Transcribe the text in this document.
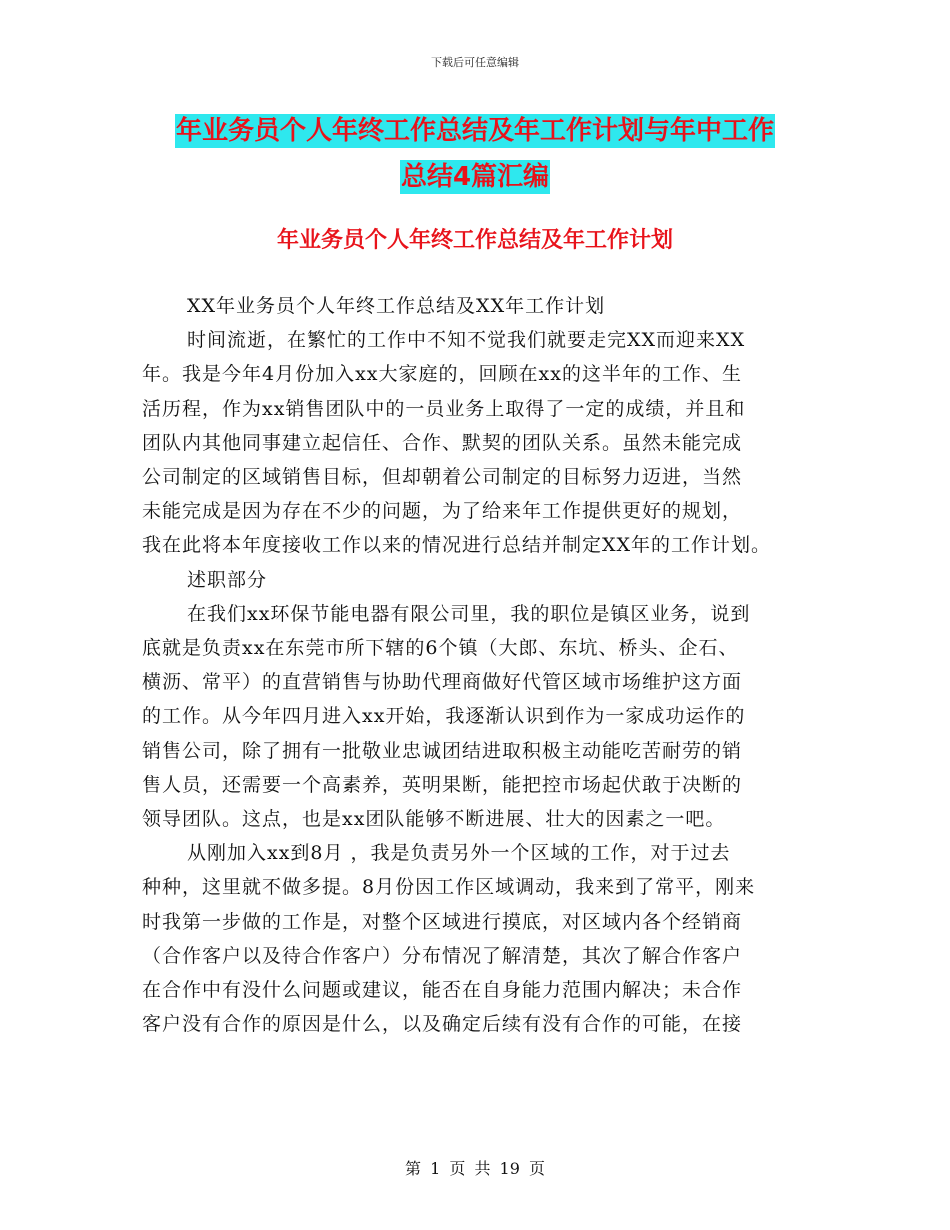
下载后可任意编辑
年业务员个人年终工作总结及年工作计划与年中工作
总结4篇汇编
年业务员个人年终工作总结及年工作计划

XX年业务员个人年终工作总结及XX年工作计划

时间流逝，在繁忙的工作中不知不觉我们就要走完XX而迎来XX

年。我是今年4月份加入xx大家庭的，回顾在xx的这半年的工作、生

活历程，作为xx销售团队中的一员业务上取得了一定的成绩，并且和

团队内其他同事建立起信任、合作、默契的团队关系。虽然未能完成

公司制定的区域销售目标，但却朝着公司制定的目标努力迈进，当然

未能完成是因为存在不少的问题，为了给来年工作提供更好的规划，

我在此将本年度接收工作以来的情况进行总结并制定XX年的工作计划。

述职部分

在我们xx环保节能电器有限公司里，我的职位是镇区业务，说到

底就是负责xx在东莞市所下辖的6个镇（大郎、东坑、桥头、企石、

横沥、常平）的直营销售与协助代理商做好代管区域市场维护这方面

的工作。从今年四月进入xx开始，我逐渐认识到作为一家成功运作的

销售公司，除了拥有一批敬业忠诚团结进取积极主动能吃苦耐劳的销

售人员，还需要一个高素养，英明果断，能把控市场起伏敢于决断的

领导团队。这点，也是xx团队能够不断进展、壮大的因素之一吧。

从刚加入xx到8月 ，我是负责另外一个区域的工作，对于过去

种种，这里就不做多提。8月份因工作区域调动，我来到了常平，刚来

时我第一步做的工作是，对整个区域进行摸底，对区域内各个经销商

（合作客户以及待合作客户）分布情况了解清楚，其次了解合作客户

在合作中有没什么问题或建议，能否在自身能力范围内解决；未合作

客户没有合作的原因是什么，以及确定后续有没有合作的可能，在接

第 1 页 共 19 页
